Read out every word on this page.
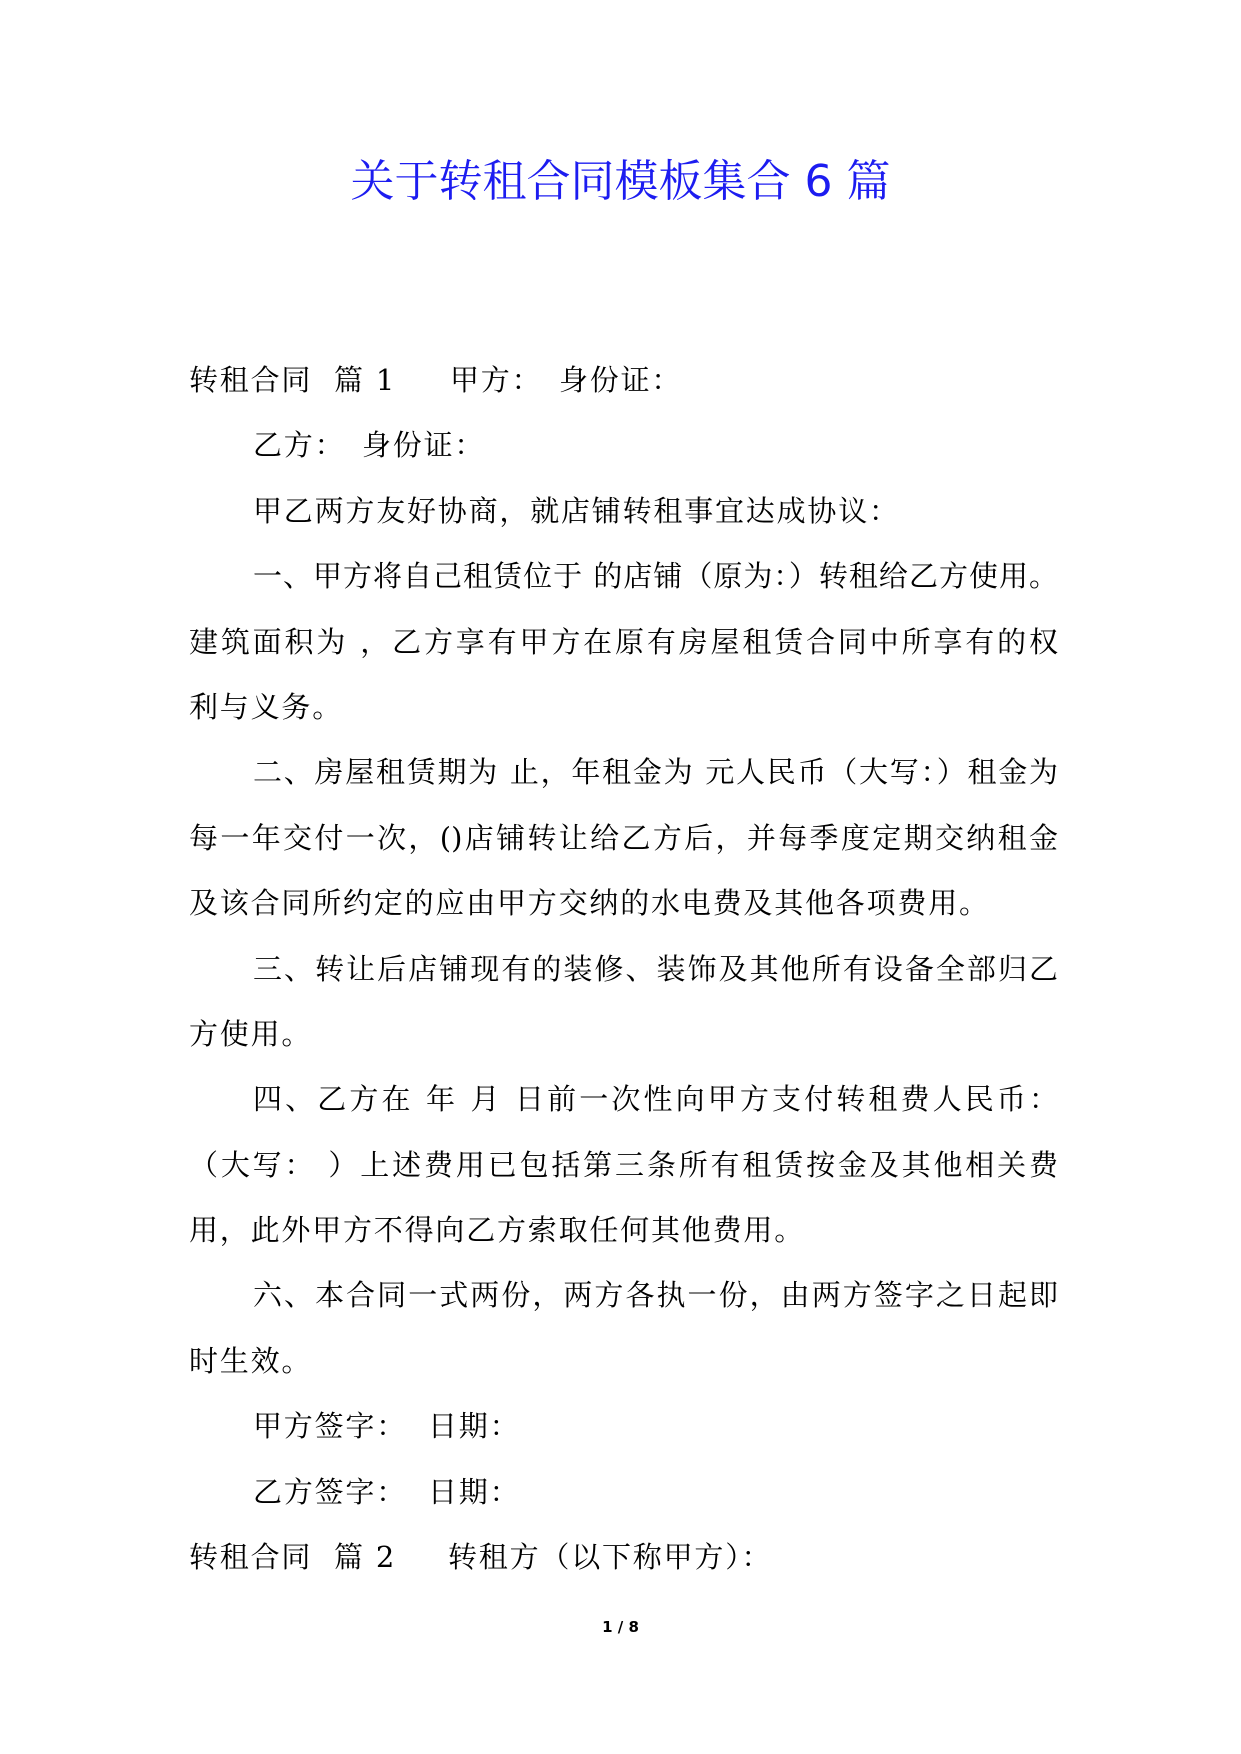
关于转租合同模板集合 6 篇
转租合同 篇 1 甲方： 身份证：
乙方： 身份证：
甲乙两方友好协商，就店铺转租事宜达成协议：
一、甲方将自己租赁位于 的店铺（原为：）转租给乙方使用。
建筑面积为 ，乙方享有甲方在原有房屋租赁合同中所享有的权
利与义务。
二、房屋租赁期为 止，年租金为 元人民币（大写：）租金为
每一年交付一次，()店铺转让给乙方后，并每季度定期交纳租金
及该合同所约定的应由甲方交纳的水电费及其他各项费用。
三、转让后店铺现有的装修、装饰及其他所有设备全部归乙
方使用。
四、乙方在 年 月 日前一次性向甲方支付转租费人民币：
（大写： ）上述费用已包括第三条所有租赁按金及其他相关费
用，此外甲方不得向乙方索取任何其他费用。
六、本合同一式两份，两方各执一份，由两方签字之日起即
时生效。
甲方签字： 日期：
乙方签字： 日期：
转租合同 篇 2 转租方（以下称甲方）：
1 / 8
